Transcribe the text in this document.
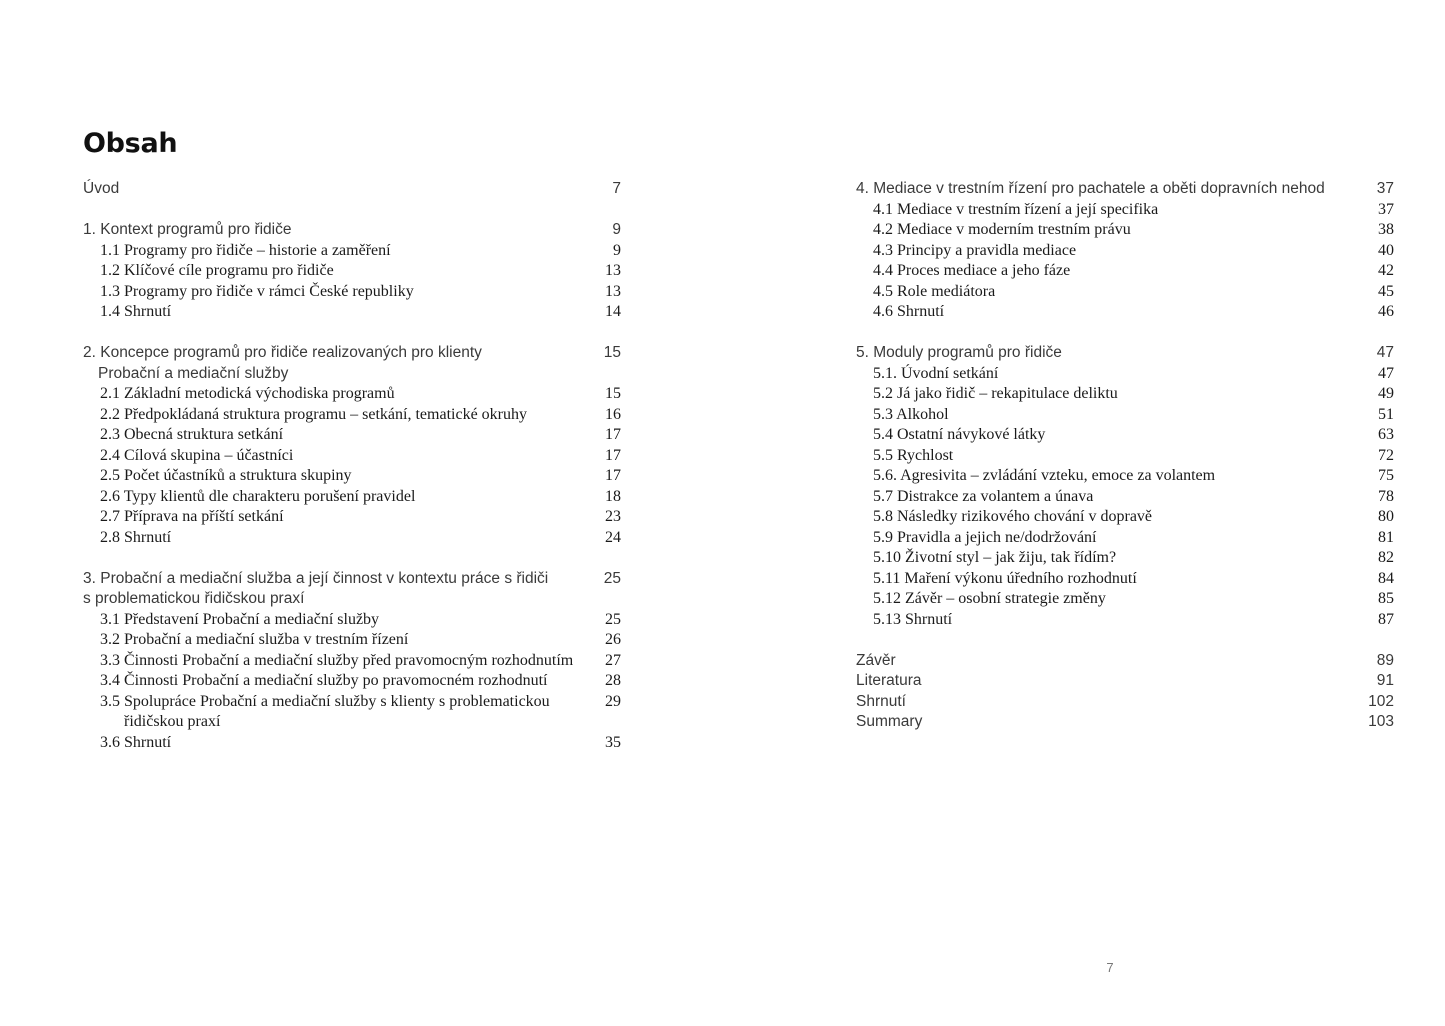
Obsah
Úvod	7
1. Kontext programů pro řidiče	9
1.1 Programy pro řidiče – historie a zaměření	9
1.2 Klíčové cíle programu pro řidiče	13
1.3 Programy pro řidiče v rámci České republiky	13
1.4 Shrnutí	14
2. Koncepce programů pro řidiče realizovaných pro klienty	15
Probační a mediační služby
2.1 Základní metodická východiska programů	15
2.2 Předpokládaná struktura programu – setkání, tematické okruhy	16
2.3 Obecná struktura setkání	17
2.4 Cílová skupina – účastníci	17
2.5 Počet účastníků a struktura skupiny	17
2.6 Typy klientů dle charakteru porušení pravidel	18
2.7 Příprava na příští setkání	23
2.8 Shrnutí	24
3. Probační a mediační služba a její činnost v kontextu práce s řidiči	25
s problematickou řidičskou praxí
3.1 Představení Probační a mediační služby	25
3.2 Probační a mediační služba v trestním řízení	26
3.3 Činnosti Probační a mediační služby před pravomocným rozhodnutím	27
3.4 Činnosti Probační a mediační služby po pravomocném rozhodnutí	28
3.5 Spolupráce Probační a mediační služby s klienty s problematickou	29
řidičskou praxí
3.6 Shrnutí	35
4. Mediace v trestním řízení pro pachatele a oběti dopravních nehod	37
4.1 Mediace v trestním řízení a její specifika	37
4.2 Mediace v moderním trestním právu	38
4.3 Principy a pravidla mediace	40
4.4 Proces mediace a jeho fáze	42
4.5 Role mediátora	45
4.6 Shrnutí	46
5. Moduly programů pro řidiče	47
5.1. Úvodní setkání	47
5.2 Já jako řidič – rekapitulace deliktu	49
5.3 Alkohol	51
5.4 Ostatní návykové látky	63
5.5 Rychlost	72
5.6. Agresivita – zvládání vzteku, emoce za volantem	75
5.7 Distrakce za volantem a únava	78
5.8 Následky rizikového chování v dopravě	80
5.9 Pravidla a jejich ne/dodržování	81
5.10 Životní styl – jak žiju, tak řídím?	82
5.11 Maření výkonu úředního rozhodnutí	84
5.12 Závěr – osobní strategie změny	85
5.13 Shrnutí	87
Závěr	89
Literatura	91
Shrnutí	102
Summary	103
7
